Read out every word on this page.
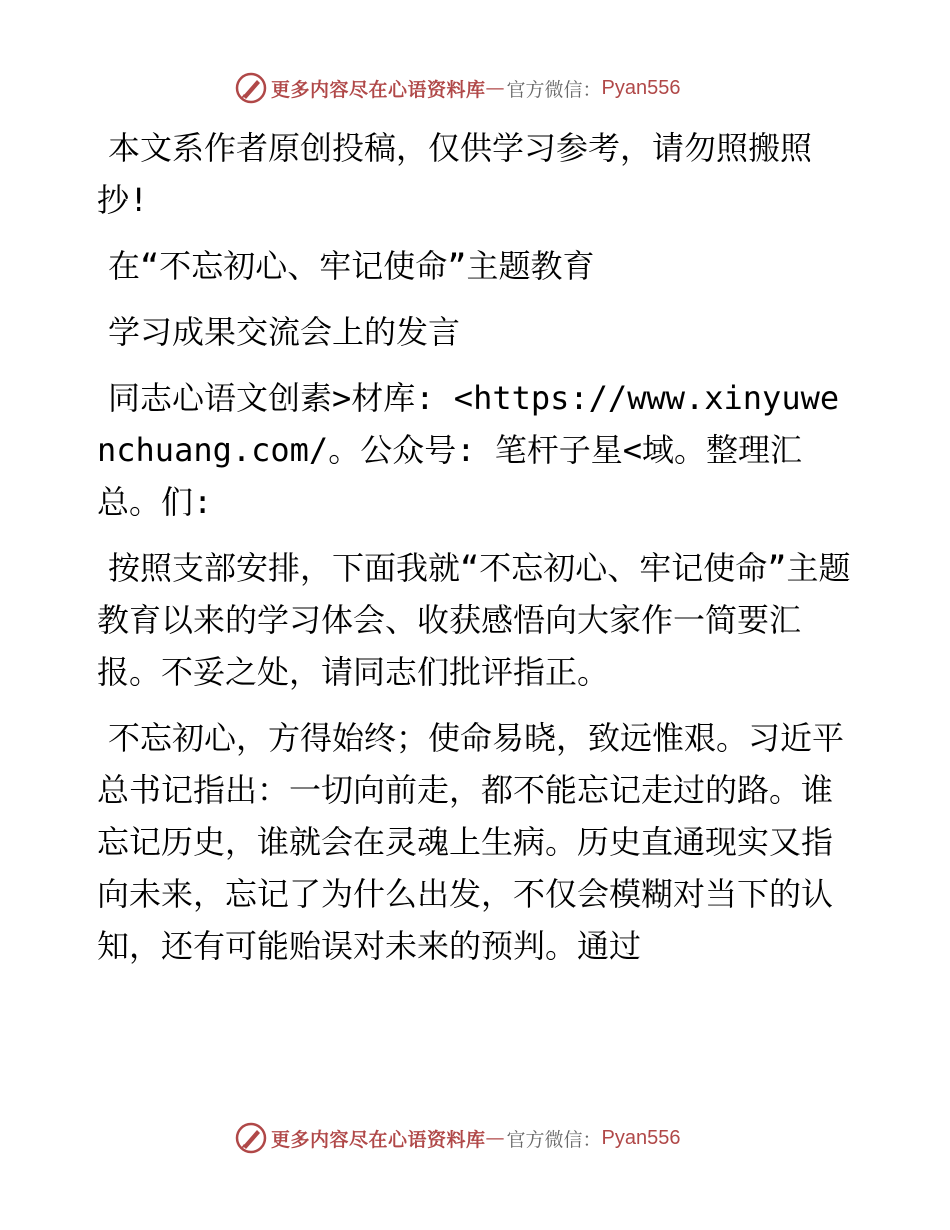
更多内容尽在心语资料库 — 官方微信： Pyan556

本文系作者原创投稿，仅供学习参考，请勿照搬照抄!

在“不忘初心、牢记使命”主题教育

学习成果交流会上的发言

同志心语文创素>材库: <https://www.xinyuwenchuang.com/。公众号: 笔杆子星<域。整理汇总。们:

按照支部安排，下面我就“不忘初心、牢记使命”主题教育以来的学习体会、收获感悟向大家作一简要汇报。不妥之处，请同志们批评指正。

不忘初心，方得始终；使命易晓，致远惟艰。习近平总书记指出：一切向前走，都不能忘记走过的路。谁忘记历史，谁就会在灵魂上生病。历史直通现实又指向未来，忘记了为什么出发，不仅会模糊对当下的认知，还有可能贻误对未来的预判。通过

更多内容尽在心语资料库 — 官方微信： Pyan556
